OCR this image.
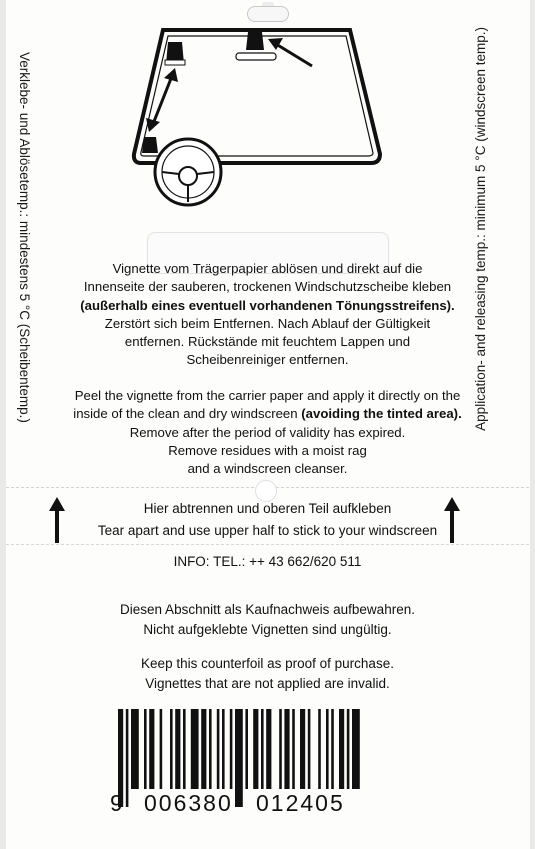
Verklebe- und Ablösetemp.: mindestens 5 °C (Scheibentemp.)	Application- and releasing temp.: minimum 5 °C (windscreen temp.)
Vignette vom Trägerpapier ablösen und direkt auf die
Innenseite der sauberen, trockenen Windschutzscheibe kleben
(außerhalb eines eventuell vorhandenen Tönungsstreifens).
Zerstört sich beim Entfernen. Nach Ablauf der Gültigkeit
entfernen. Rückstände mit feuchtem Lappen und
Scheibenreiniger entfernen.
Peel the vignette from the carrier paper and apply it directly on the
inside of the clean and dry windscreen (avoiding the tinted area).
Remove after the period of validity has expired.
Remove residues with a moist rag
and a windscreen cleanser.
Hier abtrennen und oberen Teil aufkleben
Tear apart and use upper half to stick to your windscreen
INFO: TEL.: ++ 43 662/620 511
Diesen Abschnitt als Kaufnachweis aufbewahren.
Nicht aufgeklebte Vignetten sind ungültig.
Keep this counterfoil as proof of purchase.
Vignettes that are not applied are invalid.
9 006380 012405
